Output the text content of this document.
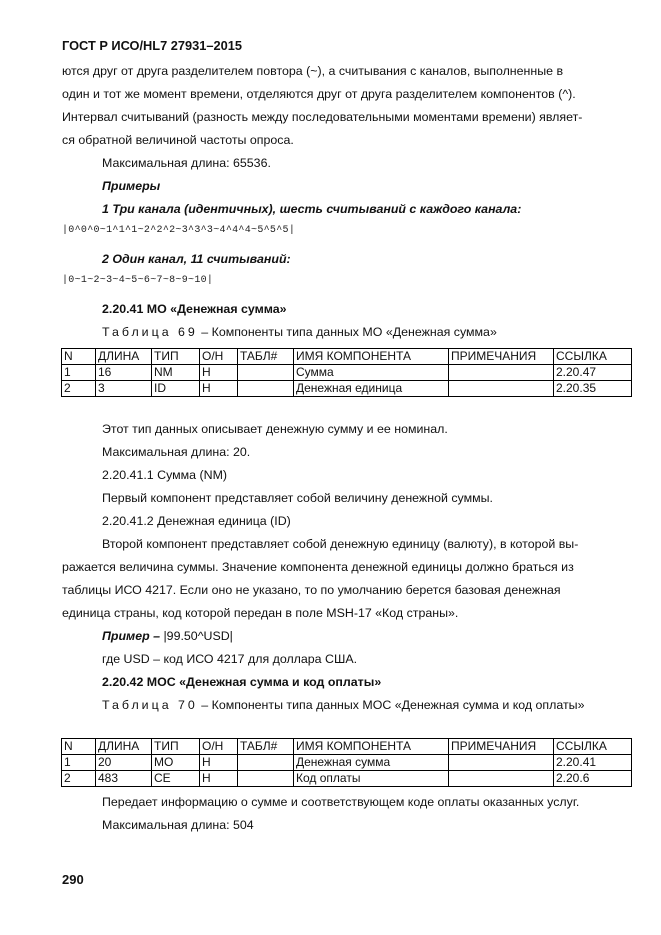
ГОСТ Р ИСО/HL7 27931–2015
ются друг от друга разделителем повтора (~), а считывания с каналов, выполненные в
один и тот же момент времени, отделяются друг от друга разделителем компонентов (^).
Интервал считываний (разность между последовательными моментами времени) являет-
ся обратной величиной частоты опроса.
Максимальная длина: 65536.
Примеры
1 Три канала (идентичных), шесть считываний с каждого канала:
|0^0^0~1^1^1~2^2^2~3^3^3~4^4^4~5^5^5|
2 Один канал, 11 считываний:
|0~1~2~3~4~5~6~7~8~9~10|
2.20.41 МО «Денежная сумма»
Таблица 69 – Компоненты типа данных МО «Денежная сумма»
N	ДЛИНА	ТИП	О/Н	ТАБЛ#	ИМЯ КОМПОНЕНТА	ПРИМЕЧАНИЯ	ССЫЛКА
1	16	NM	Н		Сумма		2.20.47
2	3	ID	Н		Денежная единица		2.20.35
Этот тип данных описывает денежную сумму и ее номинал.
Максимальная длина: 20.
2.20.41.1 Сумма (NM)
Первый компонент представляет собой величину денежной суммы.
2.20.41.2 Денежная единица (ID)
Второй компонент представляет собой денежную единицу (валюту), в которой вы-
ражается величина суммы. Значение компонента денежной единицы должно браться из
таблицы ИСО 4217. Если оно не указано, то по умолчанию берется базовая денежная
единица страны, код которой передан в поле MSH-17 «Код страны».
Пример – |99.50^USD|
где USD – код ИСО 4217 для доллара США.
2.20.42 МОС «Денежная сумма и код оплаты»
Таблица 70 – Компоненты типа данных МОС «Денежная сумма и код оплаты»
N	ДЛИНА	ТИП	О/Н	ТАБЛ#	ИМЯ КОМПОНЕНТА	ПРИМЕЧАНИЯ	ССЫЛКА
1	20	МО	Н		Денежная сумма		2.20.41
2	483	СЕ	Н		Код оплаты		2.20.6
Передает информацию о сумме и соответствующем коде оплаты оказанных услуг.
Максимальная длина: 504
290
